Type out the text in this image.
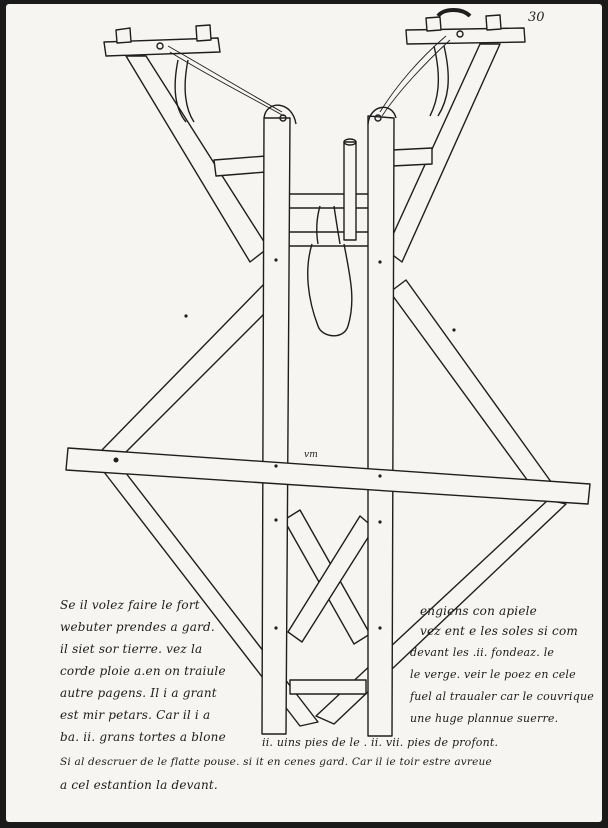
30
vm
Se il volez faire le fort
webuter prendes a gard.
il siet sor tierre. vez la
corde ploie a.en on traiule
autre pagens. Il i a grant
est mir petars. Car il i a
ba. ii. grans tortes a blone
engiens con apiele
vez ent e les soles si com
devant les .ii. fondeaz. le
le verge. veir le poez en cele
fuel al traualer car le couvrique
une huge plannue suerre.
ii. uins pies de le . ii. vii. pies de profont.
Si al descruer de le flatte pouse. si it en cenes gard. Car il ie toir estre avreue
a cel estantion la devant.
